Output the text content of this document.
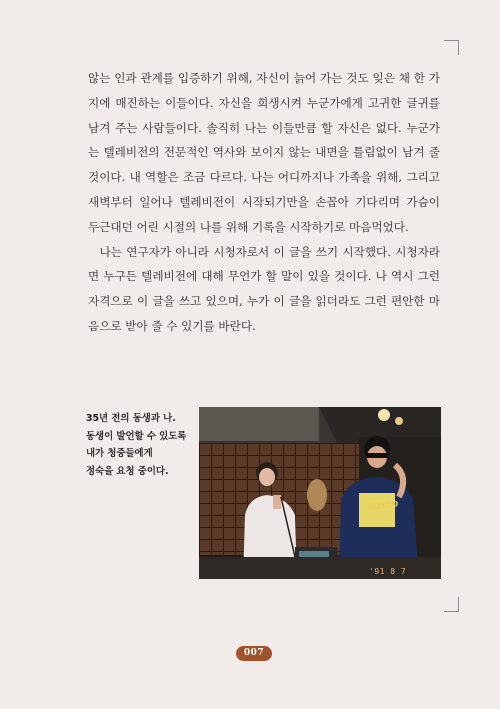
않는 인과 관계를 입증하기 위해, 자신이 늙어 가는 것도 잊은 채 한 가

지에 매진하는 이들이다. 자신을 희생시켜 누군가에게 고귀한 글귀를

남겨 주는 사람들이다. 솔직히 나는 이들만큼 할 자신은 없다. 누군가

는 텔레비전의 전문적인 역사와 보이지 않는 내면을 틀림없이 남겨 줄

것이다. 내 역할은 조금 다르다. 나는 어디까지나 가족을 위해, 그리고

새벽부터 일어나 텔레비전이 시작되기만을 손꼽아 기다리며 가슴이

두근대던 어린 시절의 나를 위해 기록을 시작하기로 마음먹었다.

나는 연구자가 아니라 시청자로서 이 글을 쓰기 시작했다. 시청자라

면 누구든 텔레비전에 대해 무언가 할 말이 있을 것이다. 나 역시 그런

자격으로 이 글을 쓰고 있으며, 누가 이 글을 읽더라도 그런 편안한 마

음으로 받아 줄 수 있기를 바란다.

35년 전의 동생과 나.
동생이 발언할 수 있도록
내가 청중들에게
정숙을 요청 중이다.
BOSCO
'91 8 7
007
